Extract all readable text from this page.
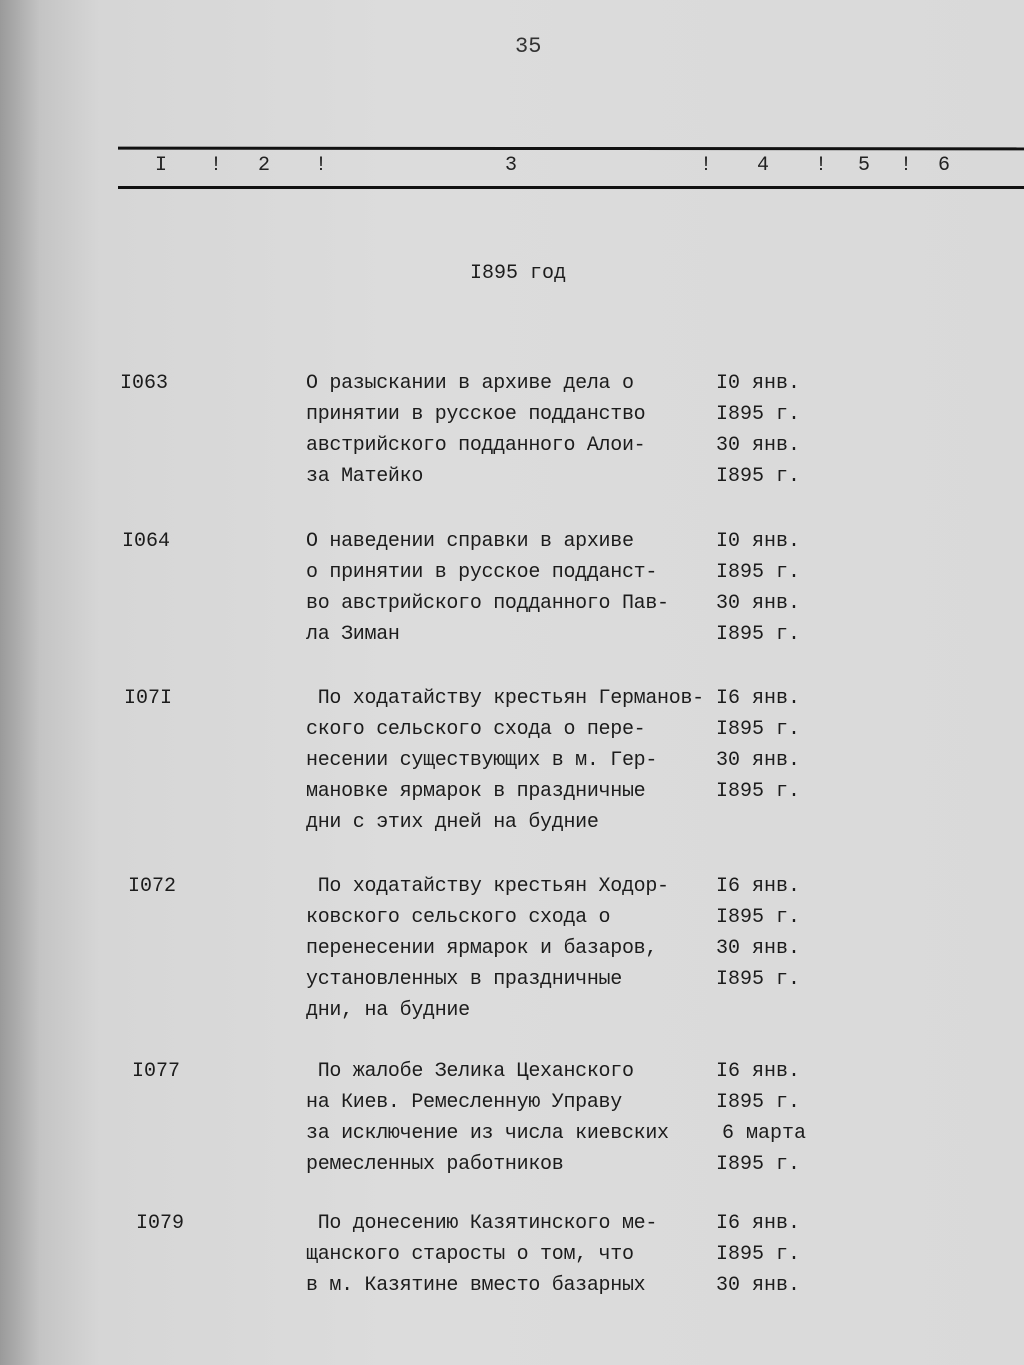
35
I ! 2 !	3	! 4 ! 5 ! 6
I895 год
I063	О разыскании в архиве дела о	I0 янв.
принятии в русское подданство	I895 г.
австрийского подданного Алои-	30 янв.
за Матейко	I895 г.
I064	О наведении справки в архиве	I0 янв.
о принятии в русское подданст-	I895 г.
во австрийского подданного Пав- 30 янв.
ла Зиман	I895 г.
I07I	По ходатайству крестьян Германов- I6 янв.
ского сельского схода о пере-	I895 г.
несении существующих в м. Гер-	30 янв.
мановке ярмарок в праздничные	I895 г.
дни с этих дней на будние
I072	По ходатайству крестьян Ходор- I6 янв.
ковского сельского схода о	I895 г.
перенесении ярмарок и базаров,	30 янв.
установленных в праздничные	I895 г.
дни, на будние
I077	По жалобе Зелика Цеханского	I6 янв.
на Киев. Ремесленную Управу	I895 г.
за исключение из числа киевских	6 марта
ремесленных работников	I895 г.
I079	По донесению Казятинского ме-	I6 янв.
щанского старосты о том, что	I895 г.
в м. Казятине вместо базарных	30 янв.
